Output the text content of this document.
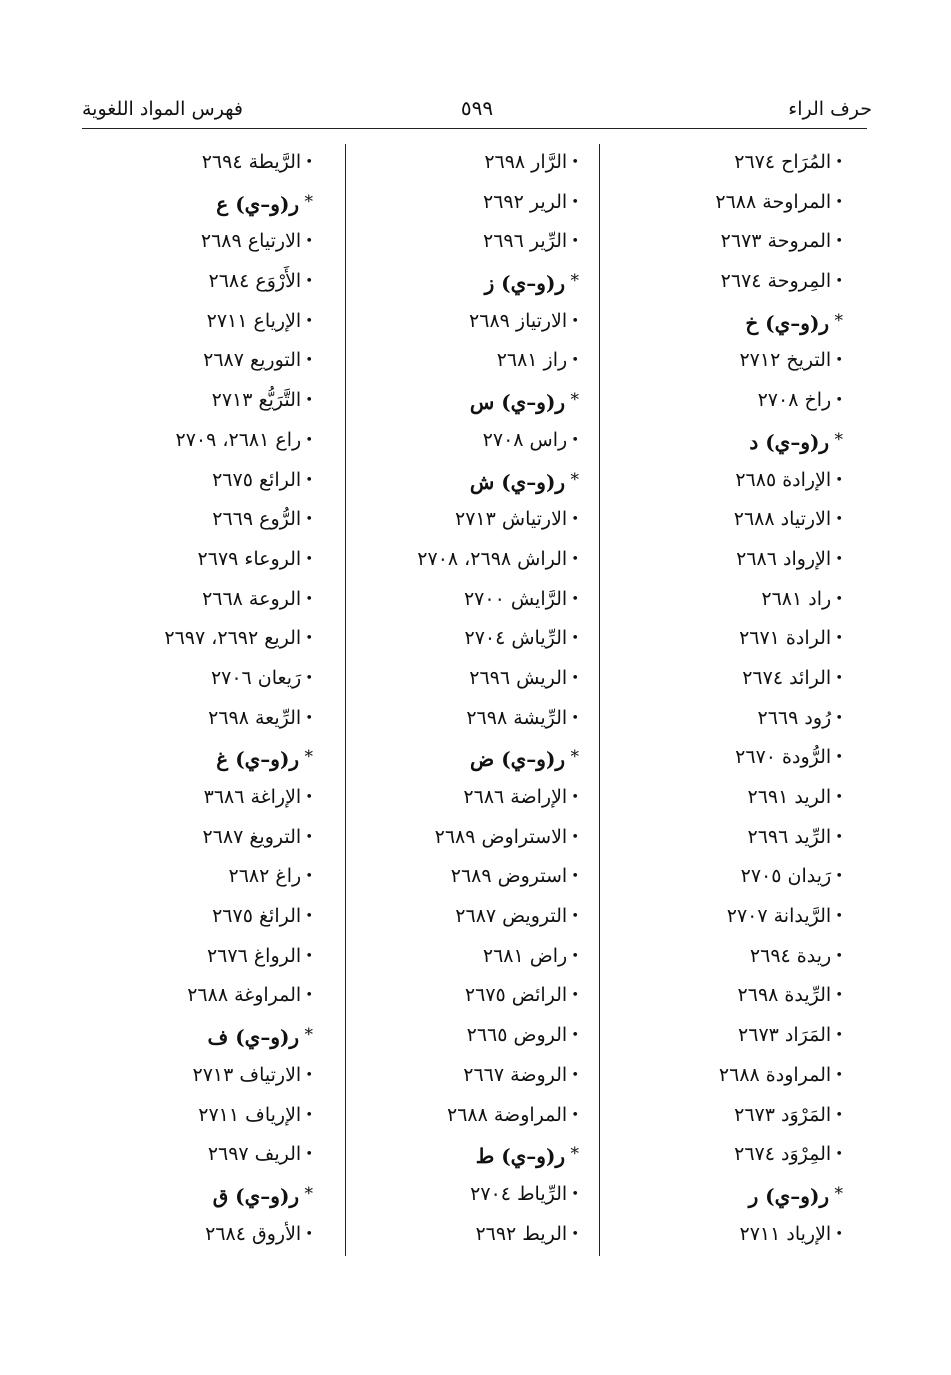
حرف الراء
٥٩٩
فهرس المواد اللغوية
• المُرَاح ٢٦٧٤
• المراوحة ٢٦٨٨
• المروحة ٢٦٧٣
• المِروحة ٢٦٧٤
* ر(و–ي) خ
• التريخ ٢٧١٢
• راخ ٢٧٠٨
* ر(و–ي) د
• الإرادة ٢٦٨٥
• الارتياد ٢٦٨٨
• الإرواد ٢٦٨٦
• راد ٢٦٨١
• الرادة ٢٦٧١
• الرائد ٢٦٧٤
• رُود ٢٦٦٩
• الرُّودة ٢٦٧٠
• الريد ٢٦٩١
• الرِّيد ٢٦٩٦
• رَيدان ٢٧٠٥
• الرَّيدانة ٢٧٠٧
• ريدة ٢٦٩٤
• الرِّيدة ٢٦٩٨
• المَرَاد ٢٦٧٣
• المراودة ٢٦٨٨
• المَرْوَد ٢٦٧٣
• المِرْوَد ٢٦٧٤
* ر(و–ي) ر
• الإرياد ٢٧١١
• الرَّار ٢٦٩٨
• الرير ٢٦٩٢
• الرِّير ٢٦٩٦
* ر(و–ي) ز
• الارتياز ٢٦٨٩
• راز ٢٦٨١
* ر(و–ي) س
• راس ٢٧٠٨
* ر(و–ي) ش
• الارتياش ٢٧١٣
• الراش ٢٦٩٨، ٢٧٠٨
• الرَّايش ٢٧٠٠
• الرِّياش ٢٧٠٤
• الريش ٢٦٩٦
• الرِّيشة ٢٦٩٨
* ر(و–ي) ض
• الإراضة ٢٦٨٦
• الاستراوض ٢٦٨٩
• استروض ٢٦٨٩
• الترويض ٢٦٨٧
• راض ٢٦٨١
• الرائض ٢٦٧٥
• الروض ٢٦٦٥
• الروضة ٢٦٦٧
• المراوضة ٢٦٨٨
* ر(و–ي) ط
• الرِّياط ٢٧٠٤
• الريط ٢٦٩٢
• الرَّيطة ٢٦٩٤
* ر(و–ي) ع
• الارتياع ٢٦٨٩
• الأَرْوَع ٢٦٨٤
• الإرياع ٢٧١١
• التوريع ٢٦٨٧
• التَّرَيُّع ٢٧١٣
• راع ٢٦٨١، ٢٧٠٩
• الرائع ٢٦٧٥
• الرُّوع ٢٦٦٩
• الروعاء ٢٦٧٩
• الروعة ٢٦٦٨
• الريع ٢٦٩٢، ٢٦٩٧
• رَيعان ٢٧٠٦
• الرِّيعة ٢٦٩٨
* ر(و–ي) غ
• الإراغة ٣٦٨٦
• الترويغ ٢٦٨٧
• راغ ٢٦٨٢
• الرائغ ٢٦٧٥
• الرواغ ٢٦٧٦
• المراوغة ٢٦٨٨
* ر(و–ي) ف
• الارتياف ٢٧١٣
• الإرياف ٢٧١١
• الريف ٢٦٩٧
* ر(و–ي) ق
• الأروق ٢٦٨٤
